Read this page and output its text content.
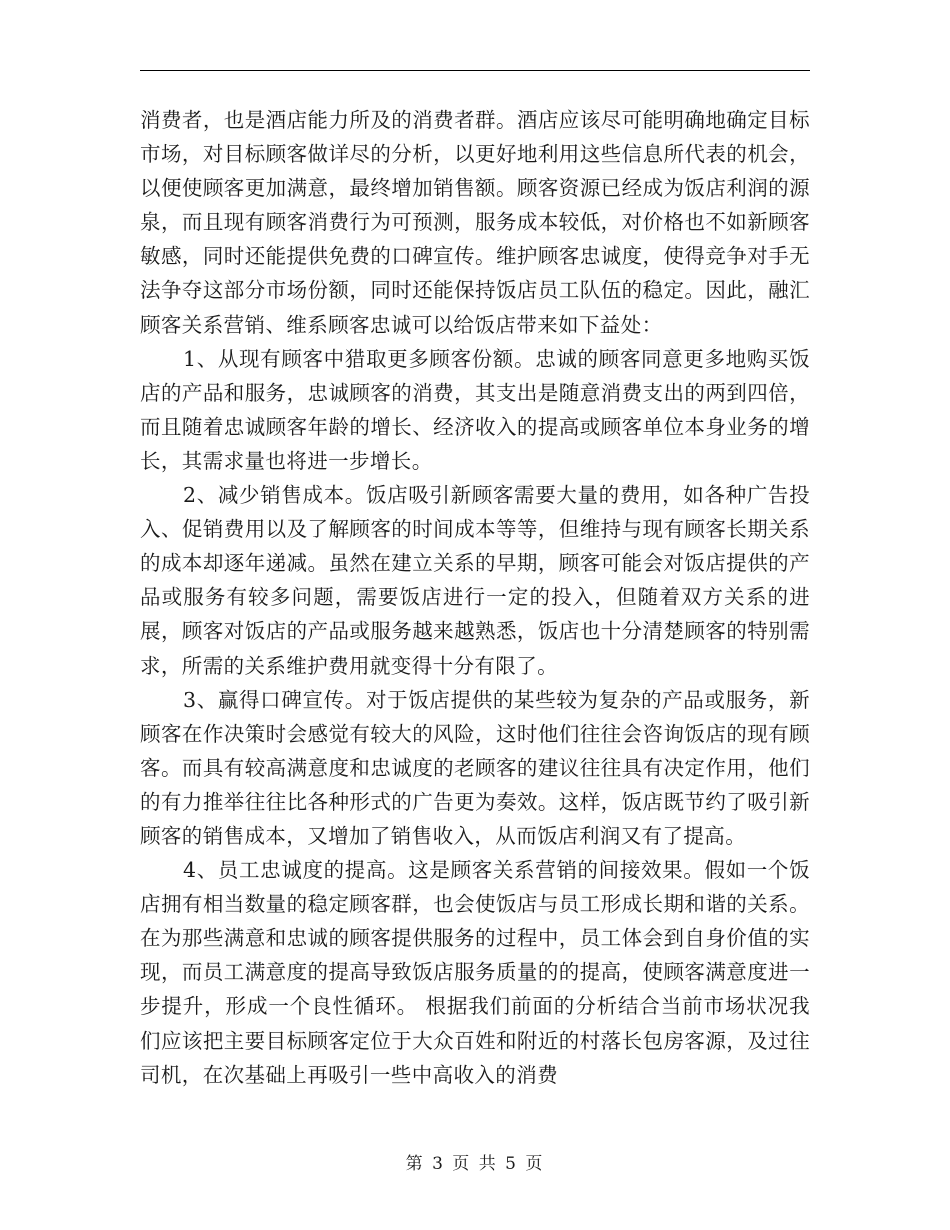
消费者，也是酒店能力所及的消费者群。酒店应该尽可能明确地确定目标市场，对目标顾客做详尽的分析，以更好地利用这些信息所代表的机会，以便使顾客更加满意，最终增加销售额。顾客资源已经成为饭店利润的源泉，而且现有顾客消费行为可预测，服务成本较低，对价格也不如新顾客敏感，同时还能提供免费的口碑宣传。维护顾客忠诚度，使得竞争对手无法争夺这部分市场份额，同时还能保持饭店员工队伍的稳定。因此，融汇顾客关系营销、维系顾客忠诚可以给饭店带来如下益处：

1、从现有顾客中猎取更多顾客份额。忠诚的顾客同意更多地购买饭店的产品和服务，忠诚顾客的消费，其支出是随意消费支出的两到四倍，而且随着忠诚顾客年龄的增长、经济收入的提高或顾客单位本身业务的增长，其需求量也将进一步增长。

2、减少销售成本。饭店吸引新顾客需要大量的费用，如各种广告投入、促销费用以及了解顾客的时间成本等等，但维持与现有顾客长期关系的成本却逐年递减。虽然在建立关系的早期，顾客可能会对饭店提供的产品或服务有较多问题，需要饭店进行一定的投入，但随着双方关系的进展，顾客对饭店的产品或服务越来越熟悉，饭店也十分清楚顾客的特别需求，所需的关系维护费用就变得十分有限了。

3、赢得口碑宣传。对于饭店提供的某些较为复杂的产品或服务，新顾客在作决策时会感觉有较大的风险，这时他们往往会咨询饭店的现有顾客。而具有较高满意度和忠诚度的老顾客的建议往往具有决定作用，他们的有力推举往往比各种形式的广告更为奏效。这样，饭店既节约了吸引新顾客的销售成本，又增加了销售收入，从而饭店利润又有了提高。

4、员工忠诚度的提高。这是顾客关系营销的间接效果。假如一个饭店拥有相当数量的稳定顾客群，也会使饭店与员工形成长期和谐的关系。在为那些满意和忠诚的顾客提供服务的过程中，员工体会到自身价值的实现，而员工满意度的提高导致饭店服务质量的的提高，使顾客满意度进一步提升，形成一个良性循环。 根据我们前面的分析结合当前市场状况我们应该把主要目标顾客定位于大众百姓和附近的村落长包房客源，及过往司机，在次基础上再吸引一些中高收入的消费

第 3 页 共 5 页
